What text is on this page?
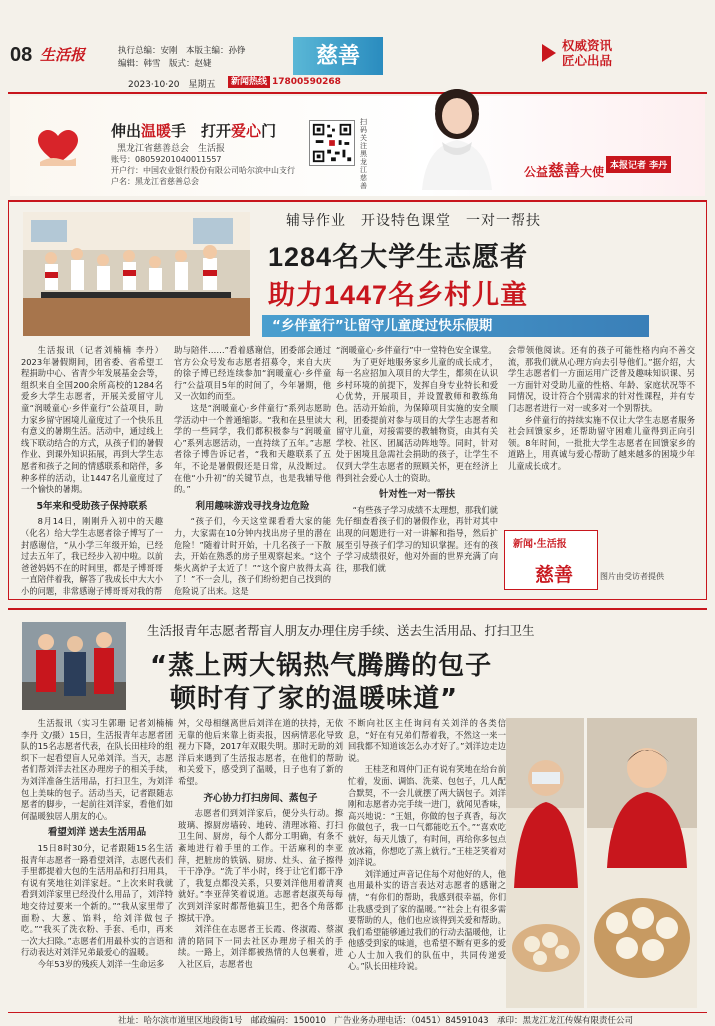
08 生活报	执行总编：安刚　本版主编：孙铮
编辑：韩雪　版式：赵婕	慈善	权威资讯
匠心出品
2023·10·20　星期五	新闻热线 17800590268
伸出温暖手　打开爱心门
黑龙江省慈善总会　生活报
账号：08059201040011557
开户行：中国农业银行股份有限公司哈尔滨中山支行
户名：黑龙江省慈善总会
扫码关注黑龙江慈善
公益慈善大使 本报记者 李丹
辅导作业　开设特色课堂　一对一帮扶
1284名大学生志愿者
助力1447名乡村儿童
“乡伴童行”让留守儿童度过快乐假期

生活报讯（记者刘楠楠 李丹）2023年暑假期间，团省委、省希望工程捐助中心、省青少年发展基金会等，组织来自全国200余所高校的1284名爱乡大学生志愿者，开展关爱留守儿童“润暖童心·乡伴童行”公益项目，助力家乡留守困境儿童度过了一个快乐且有意义的暑期生活。活动中，通过线上线下联动结合的方式，从孩子们的暑假作业、到课外知识拓展，再到大学生志愿者和孩子之间的情感联系和陪伴，多种多样的活动，让1447名儿童度过了一个愉快的暑期。

5年来和受助孩子保持联系

8月14日，刚刚升入初中的天趣（化名）给大学生志愿者徐子博写了一封感谢信，“从小学三年级开始，已经过去五年了，我已经步入初中啦。以前爸爸妈妈不在的时间里，都是子博哥哥一直陪伴着我，解答了我成长中大大小小的问题，非常感谢子博哥哥对我的帮

助与陪伴……”看着感谢信，团委部会通过官方公众号发布志愿者招募令，来自大庆的徐子博已经连续参加“润暖童心·乡伴童行”公益项目5年的时间了，今年暑期，他又一次如约而至。

这是“润暖童心·乡伴童行”系列志愿助学活动中一个普通缩影。“我和在县里读大学的一些同学，我们都积极参与“润暖童心”系列志愿活动，一直持续了五年。”志愿者徐子博告诉记者，“我和天趣联系了五年，不论是暑假假还是日常，从没断过。在他“小升初”的关键节点，也是我辅导他的。”

利用趣味游戏寻找身边危险

“孩子们，今天这堂课看看大家的能力，大家需在10分钟内找出房子里的潜在危险！”随着计时开始，十几名孩子一下散去，开始在熟悉的房子里观察起来。“这个柴火离炉子太近了！”“这个窗户放得太高了！”不一会儿，孩子们纷纷把自己找到的危险说了出来。这是

“润暖童心·乡伴童行”中一堂特色安全课堂。

为了更好地服务家乡儿童的成长成才，每一名应招加入项目的大学生，都须在认识乡村环境的前提下，发挥自身专业特长和爱心优势，开展项目，并设置教师和教练角色。活动开始前，为保障项目实施的安全顺利，团委提前对参与项目的大学生志愿者和留守儿童，对接需要的教辅物资，由其有关学校、社区、团属活动阵地等。同时，针对处于困境且急需社会捐助的孩子，让学生不仅到大学生志愿者的照顾关怀，更在经济上得到社会爱心人士的资助。

针对性一对一帮扶

“有些孩子学习成绩不太理想，那我们就先仔细查看孩子们的暑假作业，再针对其中出现的问题进行一对一讲解和指导，然后扩展至引导孩子们学习的知识掌握。还有的孩子学习成绩很好，他对外面的世界充满了向往，那我们就

会带领他阅读。还有的孩子可能性格内向不善交流，那我们就从心理方向去引导他们。”据介绍，大学生志愿者们一方面运用广泛普及趣味知识课、另一方面针对受助儿童的性格、年龄、家庭状况等不同情况，设计符合个别需求的针对性课程，并有专门志愿者进行一对一或多对一个别帮扶。

乡伴童行的持续实施不仅让大学生志愿者服务社会回馈家乡，还帮助留守困难儿童得到正向引领。8年时间，一批批大学生志愿者在回馈家乡的道路上，用真诚与爱心帮助了越来越多的困境少年儿童成长成才。

新闻·生活报
慈善	图片由受访者提供
生活报青年志愿者帮盲人朋友办理住房手续、送去生活用品、打扫卫生
“蒸上两大锅热气腾腾的包子
顿时有了家的温暖味道”

生活报讯（实习生郭珊 记者刘楠楠 李丹 文/摄）15日，生活报青年志愿者团队的15名志愿者代表，在队长田桂玲的组织下一起看望盲人兄弟刘洋。当天，志愿者们帮刘洋去社区办理房子的相关手续，为刘洋准备生活用品，打扫卫生，为刘洋包上美味的包子。活动当天，记者跟随志愿者的脚步，一起前往刘洋家，看他们如何温暖独居人朋友的心。

看望刘洋 送去生活用品

15日8时30分，记者跟随15名生活报青年志愿者一路看望刘洋，志愿代表们手里都提着大包的生活用品和打扫用具，有说有笑地往刘洋家赶。“上次来时我就看到刘洋家里已经没什么用品了，刘洋特地交待过要来一个新的。”“我从家里带了面粉、大葱、馅料，给刘洋做包子吃。”“我买了洗衣粉、手套、毛巾，再来一次大扫除。”志愿者们用最朴实的言语和行动表达对刘洋兄弟最爱心的温暖。

今年53岁的残疾人刘洋一生命运多

舛，父母相继离世后刘洋在道的扶持，无依无靠的他后来靠上街卖报，因病情恶化导致视力下降，2017年双眼失明。那时无助的刘洋后来遇到了生活报志愿者，在他们的帮助和关爱下，感受到了温暖，日子也有了新的希望。

齐心协力打扫房间、蒸包子

志愿者们到刘洋家后，便分头行动。擦玻璃、擦厨房墙砖、地砖、清理冰箱、打扫卫生间、厨房，每个人都分工明确，有条不紊地进行着手里的工作。干活麻利的李亚萍，把脏房的铁锅、厨房、灶头、盆子擦得干干净净。“洗了半小时，终于让它们都干净了，我复点都没关系，只要刘洋他用着清爽就好。”李亚萍笑着说道。志愿者赵淑英每每次到刘洋家时都帮他搞卫生，把各个角落都擦拭干净。

刘洋住在志愿者王长霞、佟淑霞、蔡淑清的陪同下一同去社区办理房子相关的手续。一路上，刘洋都被热情的人包裹着，进入社区后，志愿者也

不断向社区主任询问有关刘洋的各类信息，“好在有兄弟们帮着我，不然这一来一回我都不知道该怎么办才好了。”刘洋边走边说。

王桂芝和周仲门正有说有笑地在给台前忙着，发面、调馅、洗菜、包包子，几人配合默契，不一会儿就摆了两大锅包子。刘洋刚和志愿者办完手续一进门，就闻见香味，高兴地说：“王姐，你做的包子真香，每次你做包子，我一口气都能吃五个。”“喜欢吃就好，每天儿饿了，有时间，再给你多包点放冰箱，你想吃了蒸上就行。”王桂芝笑着对刘洋说。

刘洋通过声音记住每个对他好的人，他也用最朴实的语言表达对志愿者的感谢之情，“有你们的帮助，我感到很幸福，你们让我感受到了家的温暖。”“社会上有很多需要帮助的人，他们也应该得到关爱和帮助。我们希望能够通过我们的行动去温暖他，让他感受到家的味道，也希望不断有更多的爱心人士加入我们的队伍中，共同传递爱心。”队长田桂玲说。

社址：哈尔滨市道里区地段街1号　邮政编码：150010　广告业务办理电话：（0451）84591043　承印：黑龙江龙江传媒有限责任公司
